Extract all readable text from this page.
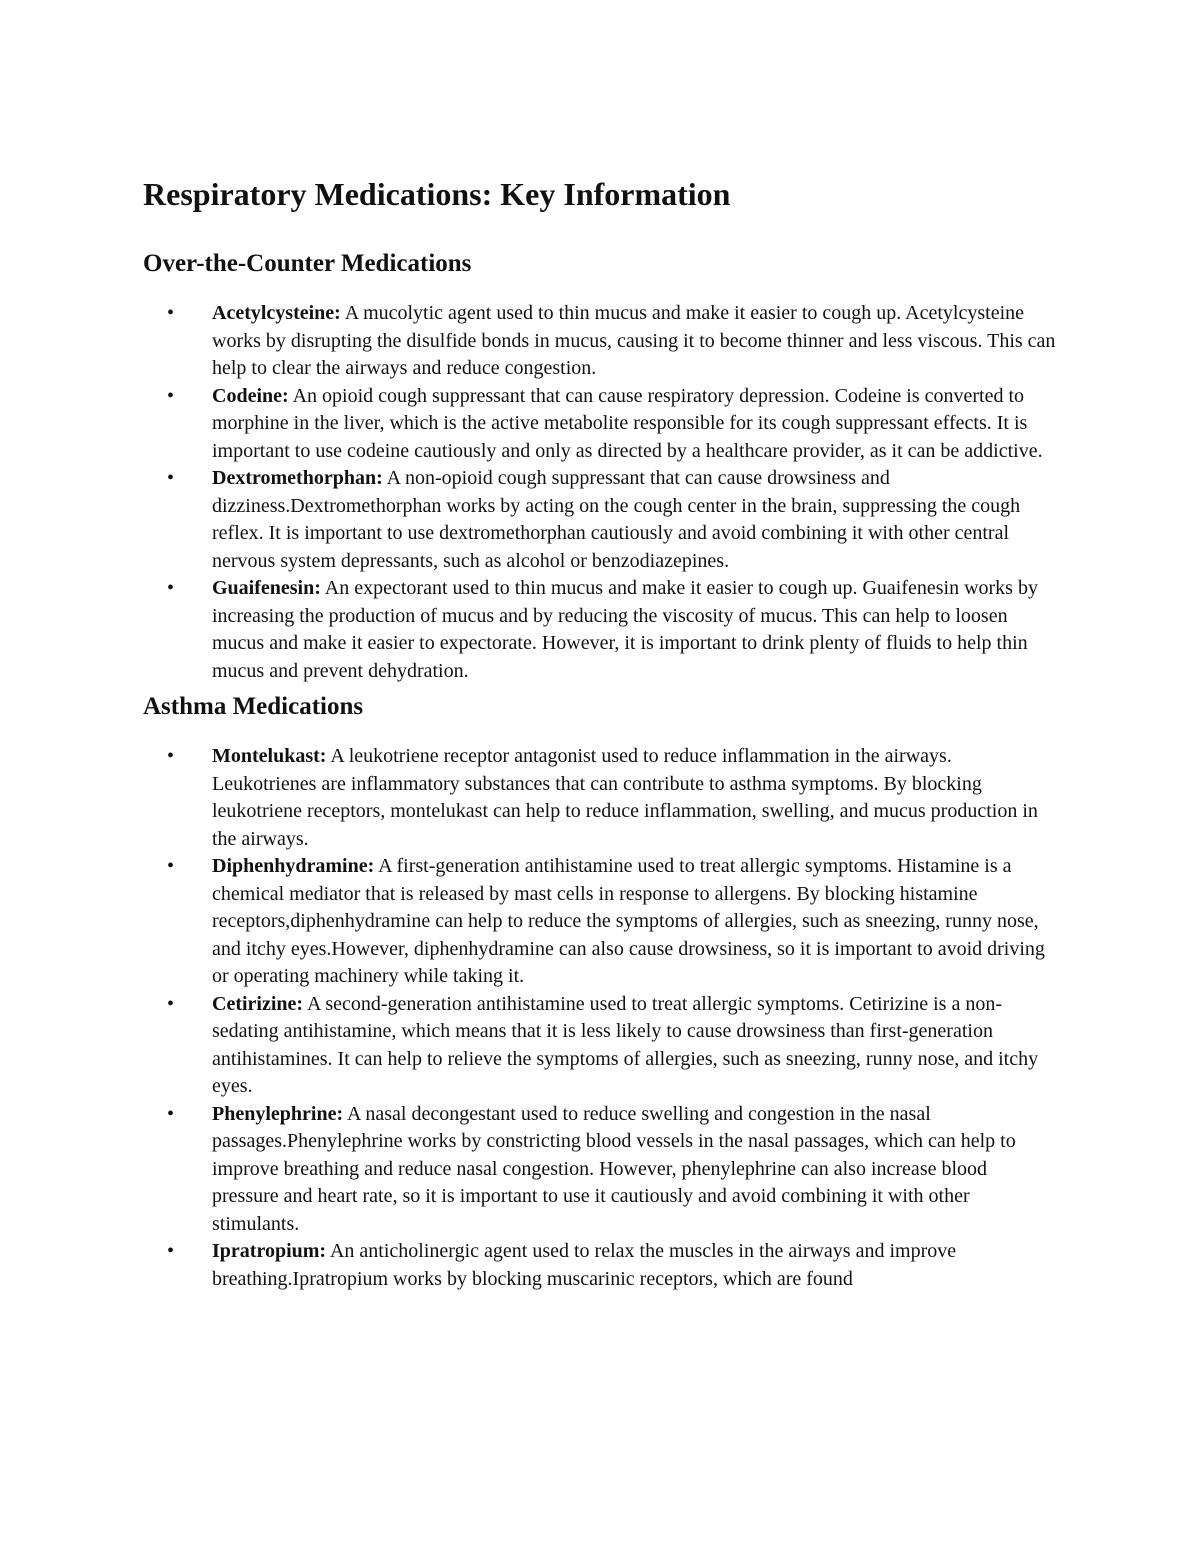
Respiratory Medications: Key Information
Over-the-Counter Medications
• Acetylcysteine: A mucolytic agent used to thin mucus and make it easier to cough up. Acetylcysteine works by disrupting the disulfide bonds in mucus, causing it to become thinner and less viscous. This can help to clear the airways and reduce congestion.
• Codeine: An opioid cough suppressant that can cause respiratory depression. Codeine is converted to morphine in the liver, which is the active metabolite responsible for its cough suppressant effects. It is important to use codeine cautiously and only as directed by a healthcare provider, as it can be addictive.
• Dextromethorphan: A non-opioid cough suppressant that can cause drowsiness and dizziness.Dextromethorphan works by acting on the cough center in the brain, suppressing the cough reflex. It is important to use dextromethorphan cautiously and avoid combining it with other central nervous system depressants, such as alcohol or benzodiazepines.
• Guaifenesin: An expectorant used to thin mucus and make it easier to cough up. Guaifenesin works by increasing the production of mucus and by reducing the viscosity of mucus. This can help to loosen mucus and make it easier to expectorate. However, it is important to drink plenty of fluids to help thin mucus and prevent dehydration.
Asthma Medications
• Montelukast: A leukotriene receptor antagonist used to reduce inflammation in the airways. Leukotrienes are inflammatory substances that can contribute to asthma symptoms. By blocking leukotriene receptors, montelukast can help to reduce inflammation, swelling, and mucus production in the airways.
• Diphenhydramine: A first-generation antihistamine used to treat allergic symptoms. Histamine is a chemical mediator that is released by mast cells in response to allergens. By blocking histamine receptors,diphenhydramine can help to reduce the symptoms of allergies, such as sneezing, runny nose, and itchy eyes.However, diphenhydramine can also cause drowsiness, so it is important to avoid driving or operating machinery while taking it.
• Cetirizine: A second-generation antihistamine used to treat allergic symptoms. Cetirizine is a non-sedating antihistamine, which means that it is less likely to cause drowsiness than first-generation antihistamines. It can help to relieve the symptoms of allergies, such as sneezing, runny nose, and itchy eyes.
• Phenylephrine: A nasal decongestant used to reduce swelling and congestion in the nasal passages.Phenylephrine works by constricting blood vessels in the nasal passages, which can help to improve breathing and reduce nasal congestion. However, phenylephrine can also increase blood pressure and heart rate, so it is important to use it cautiously and avoid combining it with other stimulants.
• Ipratropium: An anticholinergic agent used to relax the muscles in the airways and improve breathing.Ipratropium works by blocking muscarinic receptors, which are found
